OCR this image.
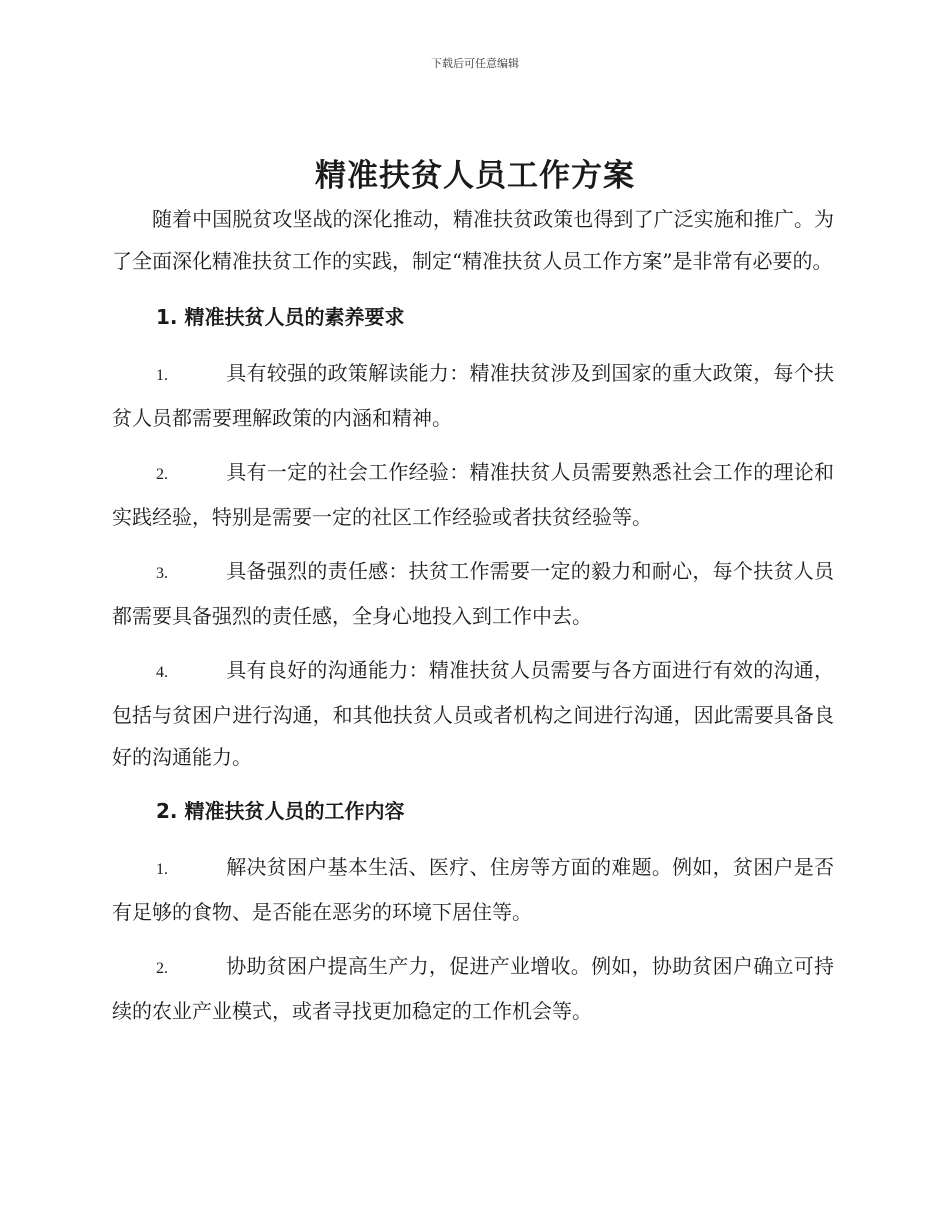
下载后可任意编辑
精准扶贫人员工作方案

随着中国脱贫攻坚战的深化推动，精准扶贫政策也得到了广泛实施和推广。为了全面深化精准扶贫工作的实践，制定“精准扶贫人员工作方案”是非常有必要的。

1. 精准扶贫人员的素养要求

1.	具有较强的政策解读能力：精准扶贫涉及到国家的重大政策，每个扶贫人员都需要理解政策的内涵和精神。

2.	具有一定的社会工作经验：精准扶贫人员需要熟悉社会工作的理论和实践经验，特别是需要一定的社区工作经验或者扶贫经验等。

3.	具备强烈的责任感：扶贫工作需要一定的毅力和耐心，每个扶贫人员都需要具备强烈的责任感，全身心地投入到工作中去。

4.	具有良好的沟通能力：精准扶贫人员需要与各方面进行有效的沟通，包括与贫困户进行沟通，和其他扶贫人员或者机构之间进行沟通，因此需要具备良好的沟通能力。

2. 精准扶贫人员的工作内容

1.	解决贫困户基本生活、医疗、住房等方面的难题。例如，贫困户是否有足够的食物、是否能在恶劣的环境下居住等。

2.	协助贫困户提高生产力，促进产业增收。例如，协助贫困户确立可持续的农业产业模式，或者寻找更加稳定的工作机会等。
